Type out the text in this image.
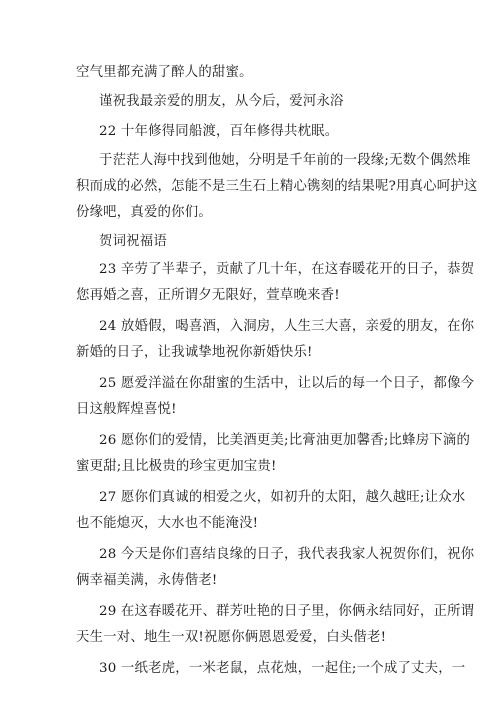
空气里都充满了醉人的甜蜜。
谨祝我最亲爱的朋友，从今后，爱河永浴
22 十年修得同船渡，百年修得共枕眠。
于茫茫人海中找到他她，分明是千年前的一段缘;无数个偶然堆
积而成的必然，怎能不是三生石上精心镌刻的结果呢?用真心呵护这
份缘吧，真爱的你们。
贺词祝福语
23 辛劳了半辈子，贡献了几十年，在这春暖花开的日子，恭贺
您再婚之喜，正所谓夕无限好，萱草晚来香!
24 放婚假，喝喜酒，入洞房，人生三大喜，亲爱的朋友，在你
新婚的日子，让我诚挚地祝你新婚快乐!
25 愿爱洋溢在你甜蜜的生活中，让以后的每一个日子，都像今
日这般辉煌喜悦!
26 愿你们的爱情，比美酒更美;比膏油更加馨香;比蜂房下滴的
蜜更甜;且比极贵的珍宝更加宝贵!
27 愿你们真诚的相爱之火，如初升的太阳，越久越旺;让众水
也不能熄灭，大水也不能淹没!
28 今天是你们喜结良缘的日子，我代表我家人祝贺你们，祝你
俩幸福美满，永俦偕老!
29 在这春暖花开、群芳吐艳的日子里，你俩永结同好，正所谓
天生一对、地生一双!祝愿你俩恩恩爱爱，白头偕老!
30 一纸老虎，一米老鼠，点花烛，一起住;一个成了丈夫，一
